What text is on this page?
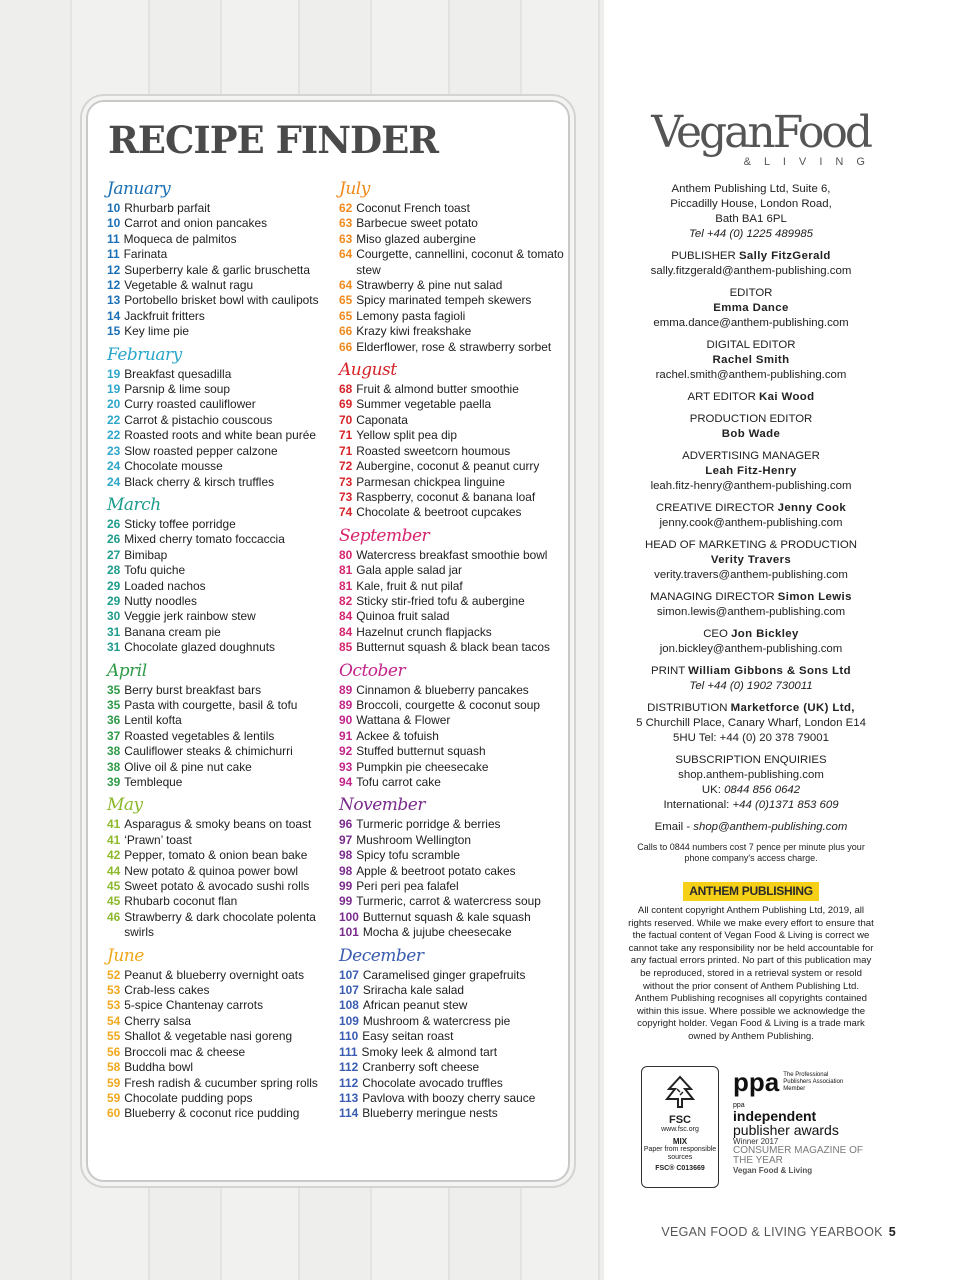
RECIPE FINDER
January
10 Rhurbarb parfait
10 Carrot and onion pancakes
11 Moqueca de palmitos
11 Farinata
12 Superberry kale & garlic bruschetta
12 Vegetable & walnut ragu
13 Portobello brisket bowl with caulipots
14 Jackfruit fritters
15 Key lime pie
February
19 Breakfast quesadilla
19 Parsnip & lime soup
20 Curry roasted cauliflower
22 Carrot & pistachio couscous
22 Roasted roots and white bean purée
23 Slow roasted pepper calzone
24 Chocolate mousse
24 Black cherry & kirsch truffles
March
26 Sticky toffee porridge
26 Mixed cherry tomato foccaccia
27 Bimibap
28 Tofu quiche
29 Loaded nachos
29 Nutty noodles
30 Veggie jerk rainbow stew
31 Banana cream pie
31 Chocolate glazed doughnuts
April
35 Berry burst breakfast bars
35 Pasta with courgette, basil & tofu
36 Lentil kofta
37 Roasted vegetables & lentils
38 Cauliflower steaks & chimichurri
38 Olive oil & pine nut cake
39 Tembleque
May
41 Asparagus & smoky beans on toast
41 ‘Prawn’ toast
42 Pepper, tomato & onion bean bake
44 New potato & quinoa power bowl
45 Sweet potato & avocado sushi rolls
45 Rhubarb coconut flan
46 Strawberry & dark chocolate polenta swirls
June
52 Peanut & blueberry overnight oats
53 Crab-less cakes
53 5-spice Chantenay carrots
54 Cherry salsa
55 Shallot & vegetable nasi goreng
56 Broccoli mac & cheese
58 Buddha bowl
59 Fresh radish & cucumber spring rolls
59 Chocolate pudding pops
60 Blueberry & coconut rice pudding
July
62 Coconut French toast
63 Barbecue sweet potato
63 Miso glazed aubergine
64 Courgette, cannellini, coconut & tomato stew
64 Strawberry & pine nut salad
65 Spicy marinated tempeh skewers
65 Lemony pasta fagioli
66 Krazy kiwi freakshake
66 Elderflower, rose & strawberry sorbet
August
68 Fruit & almond butter smoothie
69 Summer vegetable paella
70 Caponata
71 Yellow split pea dip
71 Roasted sweetcorn houmous
72 Aubergine, coconut & peanut curry
73 Parmesan chickpea linguine
73 Raspberry, coconut & banana loaf
74 Chocolate & beetroot cupcakes
September
80 Watercress breakfast smoothie bowl
81 Gala apple salad jar
81 Kale, fruit & nut pilaf
82 Sticky stir-fried tofu & aubergine
84 Quinoa fruit salad
84 Hazelnut crunch flapjacks
85 Butternut squash & black bean tacos
October
89 Cinnamon & blueberry pancakes
89 Broccoli, courgette & coconut soup
90 Wattana & Flower
91 Ackee & tofuish
92 Stuffed butternut squash
93 Pumpkin pie cheesecake
94 Tofu carrot cake
November
96 Turmeric porridge & berries
97 Mushroom Wellington
98 Spicy tofu scramble
98 Apple & beetroot potato cakes
99 Peri peri pea falafel
99 Turmeric, carrot & watercress soup
100 Butternut squash & kale squash
101 Mocha & jujube cheesecake
December
107 Caramelised ginger grapefruits
107 Sriracha kale salad
108 African peanut stew
109 Mushroom & watercress pie
110 Easy seitan roast
111 Smoky leek & almond tart
112 Cranberry soft cheese
112 Chocolate avocado truffles
113 Pavlova with boozy cherry sauce
114 Blueberry meringue nests
VeganFood
& L I V I N G
Anthem Publishing Ltd, Suite 6,
Piccadilly House, London Road,
Bath BA1 6PL
Tel +44 (0) 1225 489985
PUBLISHER Sally FitzGerald
sally.fitzgerald@anthem-publishing.com
EDITOR
Emma Dance
emma.dance@anthem-publishing.com
DIGITAL EDITOR
Rachel Smith
rachel.smith@anthem-publishing.com
ART EDITOR Kai Wood
PRODUCTION EDITOR
Bob Wade
ADVERTISING MANAGER
Leah Fitz-Henry
leah.fitz-henry@anthem-publishing.com
CREATIVE DIRECTOR Jenny Cook
jenny.cook@anthem-publishing.com
HEAD OF MARKETING & PRODUCTION
Verity Travers
verity.travers@anthem-publishing.com
MANAGING DIRECTOR Simon Lewis
simon.lewis@anthem-publishing.com
CEO Jon Bickley
jon.bickley@anthem-publishing.com
PRINT William Gibbons & Sons Ltd
Tel +44 (0) 1902 730011
DISTRIBUTION Marketforce (UK) Ltd,
5 Churchill Place, Canary Wharf, London E14
5HU Tel: +44 (0) 20 378 79001
SUBSCRIPTION ENQUIRIES
shop.anthem-publishing.com
UK: 0844 856 0642
International: +44 (0)1371 853 609
Email - shop@anthem-publishing.com
Calls to 0844 numbers cost 7 pence per minute plus your phone company's access charge.
ANTHEM PUBLISHING
All content copyright Anthem Publishing Ltd, 2019, all rights reserved. While we make every effort to ensure that the factual content of Vegan Food & Living is correct we cannot take any responsibility nor be held accountable for any factual errors printed. No part of this publication may be reproduced, stored in a retrieval system or resold without the prior consent of Anthem Publishing Ltd. Anthem Publishing recognises all copyrights contained within this issue. Where possible we acknowledge the copyright holder. Vegan Food & Living is a trade mark owned by Anthem Publishing.
FSC
www.fsc.org
MIX
Paper from responsible sources
FSC® C013669
ppa The Professional Publishers Association Member
ppa
independent
publisher awards
Winner 2017
CONSUMER MAGAZINE OF THE YEAR
Vegan Food & Living
VEGAN FOOD & LIVING YEARBOOK 5
